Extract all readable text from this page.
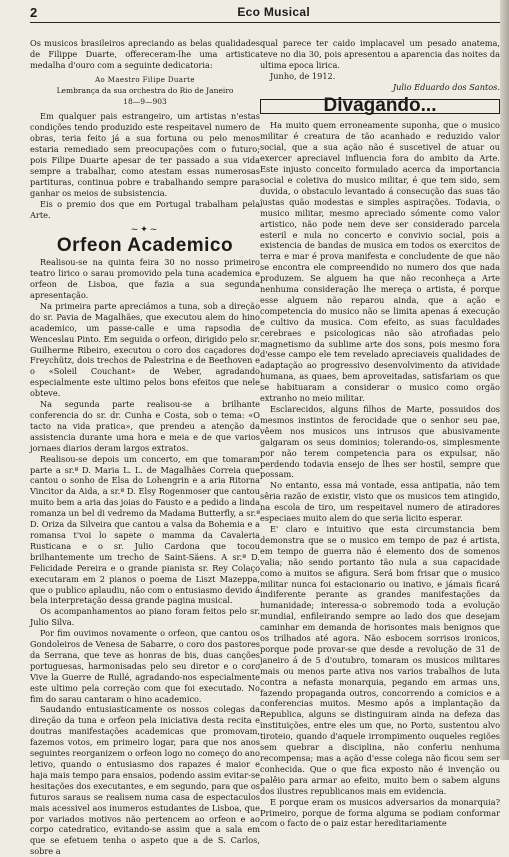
2	Eco Musical

Os musicos brasileiros apreciando as belas qualidades de Filippe Duarte, offereceram-lhe uma artistica medalha d'ouro com a seguinte dedicatoria:

Ao Maestro Filipe Duarte

Lembrança da sua orchestra do Rio de Janeiro

18—9—903

Em qualquer pais estrangeiro, um artistas n'estas condições tendo produzido este respeitavel numero de obras, teria feito já a sua fortuna ou pelo menos estaria remediado sem preocupações com o futuro; pois Filipe Duarte apesar de ter passado a sua vida sempre a trabalhar, como atestam essas numerosas partituras, continua pobre e trabalhando sempre para ganhar os meios de subsistencia.

Eis o premio dos que em Portugal trabalham pela Arte.

~✦~
Orfeon Academico

Realisou-se na quinta feira 30 no nosso primeiro teatro lirico o sarau promovido pela tuna academica e orfeon de Lisboa, que fazia a sua segunda apresentação.

Na primeira parte apreciámos a tuna, sob a direção do sr. Pavia de Magalhães, que executou alem do hino academico, um passe-calle e uma rapsodia de Wenceslau Pinto. Em seguida o orfeon, dirigido pelo sr. Guilherme Ribeiro, executou o coro dos caçadores do Freychütz, dois trechos de Palestrina e de Beethoven e o «Soleil Couchant» de Weber, agradando especialmente este ultimo pelos bons efeitos que nele obteve.

Na segunda parte realisou-se a brilhante conferencia do sr. dr. Cunha e Costa, sob o tema: «O tacto na vida pratica», que prendeu a atenção da assistencia durante uma hora e meia e de que varios jornaes diarios deram largos extratos.

Realisou-se depois um concerto, em que tomaram parte a sr.ª D. Maria L. L. de Magalhães Correia que cantou o sonho de Elsa do Lohengrin e a aria Ritorna Vincitor da Aida, a sr.ª D. Elsy Rogenmoser que cantou muito bem a aria das joias do Fausto e a pedido a linda romanza un bel di vedremo da Madama Butterfly, a sr.ª D. Oriza da Silveira que cantou a valsa da Bohemia e a romansa t'voi lo sapete o mamma da Cavaleria Rusticana e o sr. Julio Cardona que tocou brilhantemente um trecho de Saint-Säens. A sr.ª D. Felicidade Pereira e o grande pianista sr. Rey Colaço executaram em 2 pianos o poema de Liszt Mazeppa, que o publico aplaudiu, não com o entusiasmo devido á bela interpretação dessa grande pagina musical.

Os acompanhamentos ao piano foram feitos pelo sr. Julio Silva.

Por fim ouvimos novamente o orfeon, que cantou os Gondoleiros de Venesa de Sabarre, o coro dos pastores da Serrana, que teve as honras de bis, duas canções portuguesas, harmonisadas pelo seu diretor e o coro Vive la Guerre de Rullé, agradando-nos especialmente este ultimo pela correção com que foi executado. No fim do sarau cantaram o hino academico.

Saudando entusiasticamente os nossos colegas da direção da tuna e orfeon pela iniciativa desta recita e doutras manifestações academicas que promovam, fazemos votos, em primeiro logar, para que nos anos seguintes reorganizem o orfeon logo no começo do ano letivo, quando o entusiasmo dos rapazes é maior e haja mais tempo para ensaios, podendo assim evitar-se hesitações dos executantes, e em segundo, para que os futuros saraus se realisem numa casa de espectaculos mais acessivel aos inumeros estudantes de Lisboa, que por variados motivos não pertencem ao orfeon e ao corpo catedratico, evitando-se assim que a sala em que se efetuem tenha o aspeto que a de S. Carlos, sobre a

qual parece ter caido implacavel um pesado anatema, teve no dia 30, pois apresentou a aparencia das noites da ultima epoca lirica.

Junho, de 1912.

Julio Eduardo dos Santos.

Divagando...

Ha muito quem erroneamente suponha, que o musico militar é creatura de tão acanhado e reduzido valor social, que a sua ação não é suscetivel de atuar ou exercer apreciavel influencia fora do ambito da Arte. Este injusto conceito formulado acerca da importancia social e coletiva do musico militar, é que tem sido, sem duvida, o obstaculo levantado á consecução das suas tão justas quão modestas e simples aspirações. Todavia, o musico militar, mesmo apreciado sómente como valor artistico, não pode nem deve ser considerado parcela esteril e nula no concerto e convivio social, pois a existencia de bandas de musica em todos os exercitos de terra e mar é prova manifesta e concludente de que não se encontra ele compreendido no numero dos que nada produzem. Se alguem ha que não reconheça a Arte nenhuma consideração lhe mereça o artista, é porque esse alguem não reparou ainda, que a ação e competencia do musico não se limita apenas á execução e cultivo da musica. Com efeito, as suas faculdades cerebraes e psicologicas não são atrofiadas pelo magnetismo da sublime arte dos sons, pois mesmo fora d'esse campo ele tem revelado apreciaveis qualidades de adaptação ao progressivo desenvolvimento da atividade humana, as quaes, bem aproveitadas, satisfariam os que se habituaram a considerar o musico como orgão extranho no meio militar.

Esclarecidos, alguns filhos de Marte, possuidos dos mesmos instintos de ferocidade que o senhor seu pae, vêem nos musicos uns intrusos que abusivamente galgaram os seus dominios; tolerando-os, simplesmente por não terem competencia para os expulsar, não perdendo todavia ensejo de lhes ser hostil, sempre que possam.

No entanto, essa má vontade, essa antipatia, não tem sêria razão de existir, visto que os musicos tem atingido, na escola de tiro, um respeitavel numero de atiradores especiaes muito alem do que seria licito esperar.

E' claro e intuitivo que esta circumstancia bem demonstra que se o musico em tempo de paz é artista, em tempo de guerra não é elemento dos de somenos valia; não sendo portanto tão nula a sua capacidade como a muitos se afigura. Será bom frisar que o musico militar nunca foi estacionario ou inativo, e jámais ficará indiferente perante as grandes manifestações da humanidade; interessa-o sobremodo toda a evolução mundial, enfileirando sempre ao lado dos que desejam caminhar em demanda de horisontes mais benignos que os trilhados até agora. Não esbocem sorrisos ironicos, porque pode provar-se que desde a revolução de 31 de janeiro á de 5 d'outubro, tomaram os musicos militares mais ou menos parte ativa nos varios trabalhos de luta contra a nefasta monarquia, pegando em armas uns, fazendo propaganda outros, concorrendo a comicios e a conferencias muitos. Mesmo após a implantação da Republica, alguns se distinguiram ainda na defeza das instituições, entre eles um que, no Porto, sustentou alvo tiroteio, quando d'aquele irrompimento ouqueles regiões sem quebrar a disciplina, não conferiu nenhuma recompensa; mas a ação d'esse colega não ficou sem ser conhecida. Que o que fica exposto não é invenção ou palêio para armar ao efeito, muito bem o sabem alguns dos ilustres republicanos mais em evidencia.

E porque eram os musicos adversarios da monarquia? Primeiro, porque de forma alguma se podiam conformar com o facto de o paiz estar hereditariamente
